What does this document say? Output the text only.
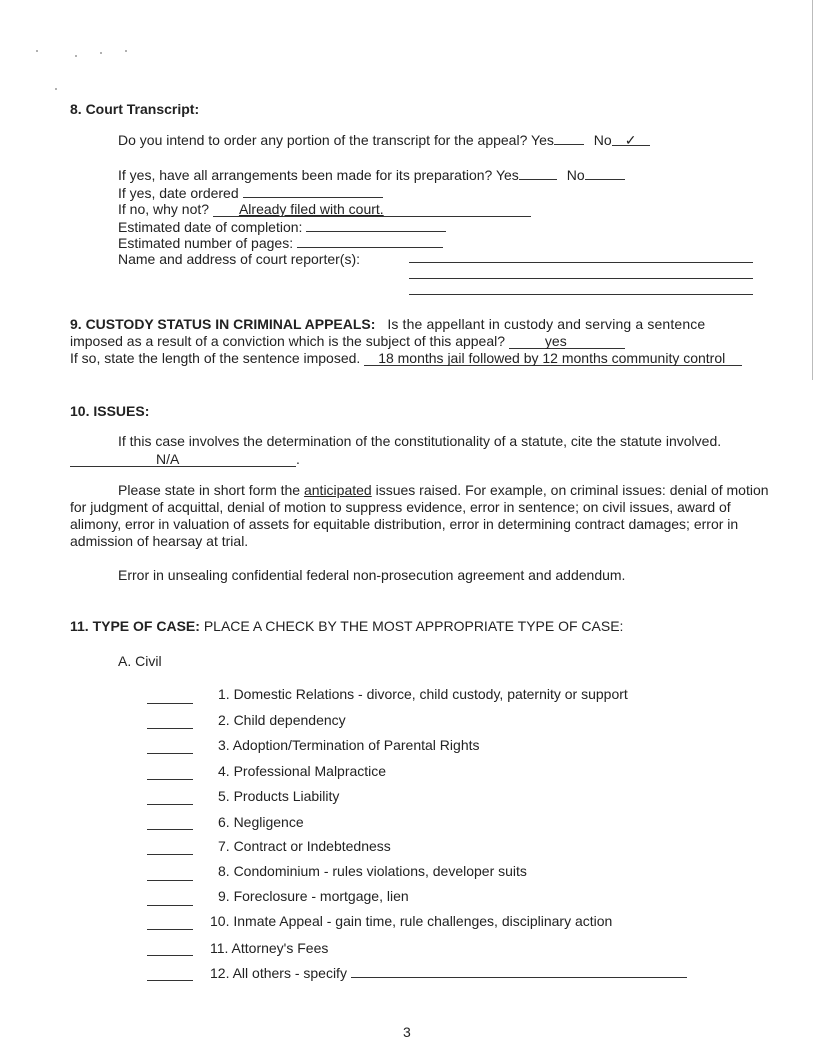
8. Court Transcript:
Do you intend to order any portion of the transcript for the appeal? Yes	No ✓
If yes, have all arrangements been made for its preparation? Yes	No
If yes, date ordered
If no, why not? Already filed with court.
Estimated date of completion:
Estimated number of pages:
Name and address of court reporter(s):
9. CUSTODY STATUS IN CRIMINAL APPEALS: Is the appellant in custody and serving a sentence
imposed as a result of a conviction which is the subject of this appeal?	yes
If so, state the length of the sentence imposed. 18 months jail followed by 12 months community control
10. ISSUES:
If this case involves the determination of the constitutionality of a statute, cite the statute involved.
N/A	.
Please state in short form the anticipated issues raised. For example, on criminal issues: denial of motion for judgment of acquittal, denial of motion to suppress evidence, error in sentence; on civil issues, award of alimony, error in valuation of assets for equitable distribution, error in determining contract damages; error in admission of hearsay at trial.
Error in unsealing confidential federal non-prosecution agreement and addendum.
11. TYPE OF CASE: PLACE A CHECK BY THE MOST APPROPRIATE TYPE OF CASE:
A. Civil
1. Domestic Relations - divorce, child custody, paternity or support
2. Child dependency
3. Adoption/Termination of Parental Rights
4. Professional Malpractice
5. Products Liability
6. Negligence
7. Contract or Indebtedness
8. Condominium - rules violations, developer suits
9. Foreclosure - mortgage, lien
10. Inmate Appeal - gain time, rule challenges, disciplinary action
11. Attorney's Fees
12. All others - specify
3
